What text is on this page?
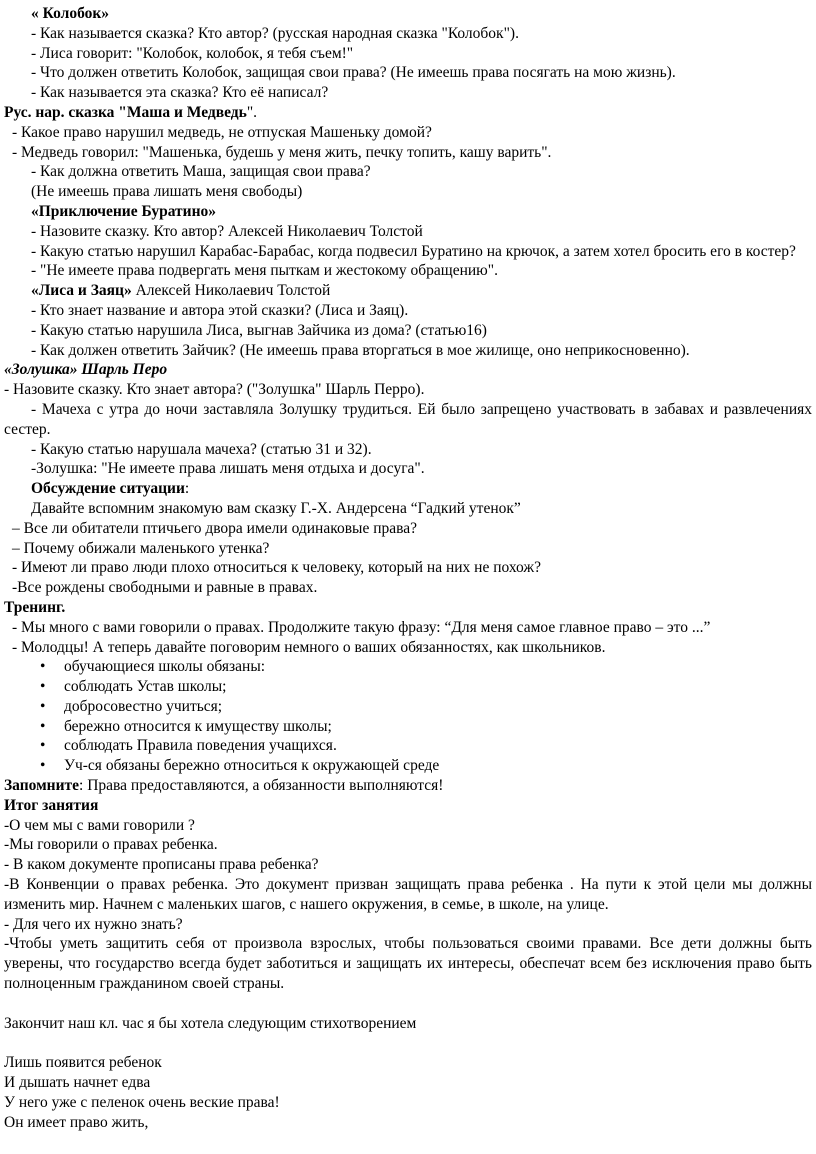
« Колобок»

- Как называется сказка? Кто автор? (русская народная сказка "Колобок").

- Лиса говорит: "Колобок, колобок, я тебя съем!"

- Что должен ответить Колобок, защищая свои права? (Не имеешь права посягать на мою жизнь).

- Как называется эта сказка? Кто её написал?

Рус. нар. сказка "Маша и Медведь".

- Какое право нарушил медведь, не отпуская Машеньку домой?

- Медведь говорил: "Машенька, будешь у меня жить, печку топить, кашу варить".

- Как должна ответить Маша, защищая свои права?

(Не имеешь права лишать меня свободы)

«Приключение Буратино»

- Назовите сказку. Кто автор? Алексей Николаевич Толстой

- Какую статью нарушил Карабас-Барабас, когда подвесил Буратино на крючок, а затем хотел бросить его в костер?

- "Не имеете права подвергать меня пыткам и жестокому обращению".

«Лиса и Заяц» Алексей Николаевич Толстой

- Кто знает название и автора этой сказки? (Лиса и Заяц).

- Какую статью нарушила Лиса, выгнав Зайчика из дома? (статью16)

- Как должен ответить Зайчик? (Не имеешь права вторгаться в мое жилище, оно неприкосновенно).

«Золушка» Шарль Перо

- Назовите сказку. Кто знает автора? ("Золушка" Шарль Перро).

- Мачеха с утра до ночи заставляла Золушку трудиться. Ей было запрещено участвовать в забавах и развлечениях сестер.

- Какую статью нарушала мачеха? (статью 31 и 32).

-Золушка: "Не имеете права лишать меня отдыха и досуга".

Обсуждение ситуации:

Давайте вспомним знакомую вам сказку Г.-Х. Андерсена “Гадкий утенок”

– Все ли обитатели птичьего двора имели одинаковые права?

– Почему обижали маленького утенка?

- Имеют ли право люди плохо относиться к человеку, который на них не похож?

-Все рождены свободными и равные в правах.

Тренинг.

- Мы много с вами говорили о правах. Продолжите такую фразу: “Для меня самое главное право – это ...”

- Молодцы! А теперь давайте поговорим немного о ваших обязанностях, как школьников.

• обучающиеся школы обязаны:

• соблюдать Устав школы;

• добросовестно учиться;

• бережно относится к имуществу школы;

• соблюдать Правила поведения учащихся.

• Уч-ся обязаны бережно относиться к окружающей среде

Запомните: Права предоставляются, а обязанности выполняются!

Итог занятия

-О чем мы с вами говорили ?

-Мы говорили о правах ребенка.

- В каком документе прописаны права ребенка?

-В Конвенции о правах ребенка. Это документ призван защищать права ребенка . На пути к этой цели мы должны изменить мир. Начнем с маленьких шагов, с нашего окружения, в семье, в школе, на улице.

- Для чего их нужно знать?

-Чтобы уметь защитить себя от произвола взрослых, чтобы пользоваться своими правами. Все дети должны быть уверены, что государство всегда будет заботиться и защищать их интересы, обеспечат всем без исключения право быть полноценным гражданином своей страны.

Закончит наш кл. час я бы хотела следующим стихотворением

Лишь появится ребенок

И дышать начнет едва

У него уже с пеленок очень веские права!

Он имеет право жить,
